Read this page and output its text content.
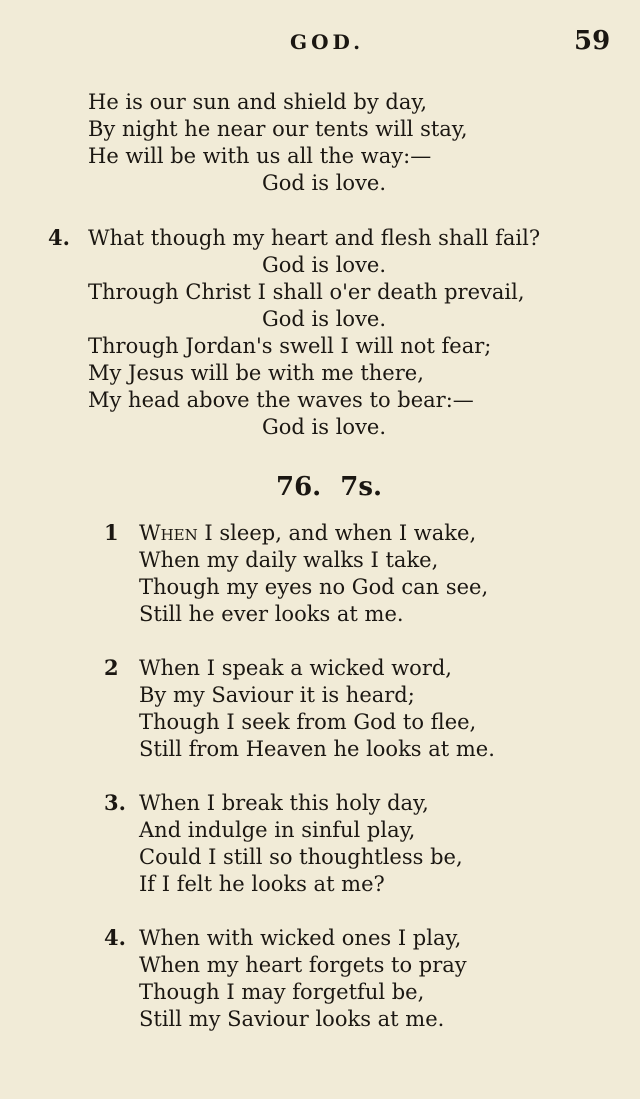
GOD.	59
He is our sun and shield by day,
By night he near our tents will stay,
He will be with us all the way:—
God is love.
4. What though my heart and flesh shall fail?
God is love.
Through Christ I shall o'er death prevail,
God is love.
Through Jordan's swell I will not fear;
My Jesus will be with me there,
My head above the waves to bear:—
God is love.
76. 7s.
1 When I sleep, and when I wake,
When my daily walks I take,
Though my eyes no God can see,
Still he ever looks at me.
2 When I speak a wicked word,
By my Saviour it is heard;
Though I seek from God to flee,
Still from Heaven he looks at me.
3. When I break this holy day,
And indulge in sinful play,
Could I still so thoughtless be,
If I felt he looks at me?
4. When with wicked ones I play,
When my heart forgets to pray
Though I may forgetful be,
Still my Saviour looks at me.
